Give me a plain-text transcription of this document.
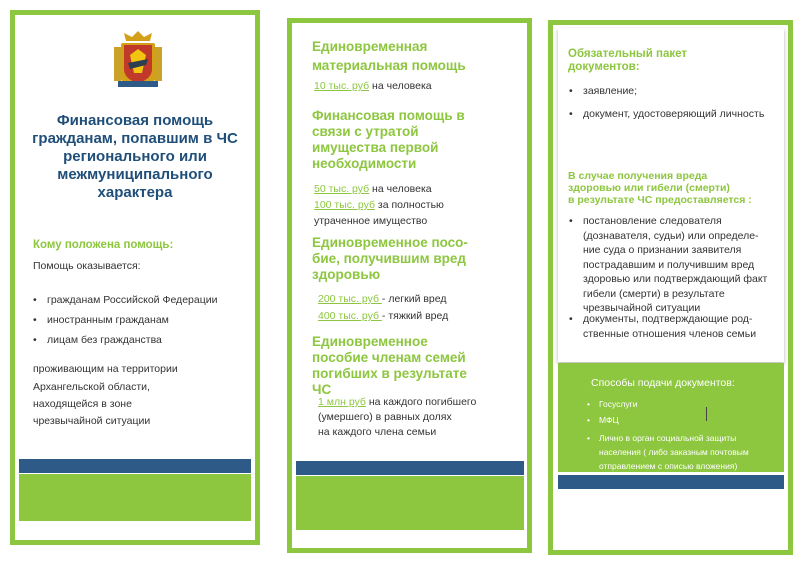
Финансовая помощь гражданам, попавшим в ЧС регионального или межмуниципального характера
Кому положена помощь:
Помощь оказывается:
• гражданам Российской Федерации
• иностранным гражданам
• лицам без гражданства
проживающим на территории
Архангельской области,
находящейся в зоне
чрезвычайной ситуации
Единовременная
материальная помощь
10 тыс. руб на человека
Финансовая помощь в
связи с утратой
имущества первой
необходимости
50 тыс. руб на человека
100 тыс. руб за полностью
утраченное имущество
Единовременное посо-
бие, получившим вред
здоровью
200 тыс. руб - легкий вред
400 тыс. руб - тяжкий вред
Единовременное
пособие членам семей
погибших в результате
ЧС
1 млн руб на каждого погибшего
(умершего) в равных долях
на каждого члена семьи
Обязательный пакет
документов:
• заявление;
• документ, удостоверяющий личность
В случае получения вреда
здоровью или гибели (смерти)
в результате ЧС предоставляется :
• постановление следователя (дознавателя, судьи) или определе-ние суда о признании заявителя пострадавшим и получившим вред здоровью или подтверждающий факт гибели (смерти) в результате чрезвычайной ситуации
• документы, подтверждающие род-ственные отношения членов семьи
Способы подачи документов:
• Госуслуги
• МФЦ
• Лично в орган социальной защиты населения ( либо заказным почтовым отправлением с описью вложения)
